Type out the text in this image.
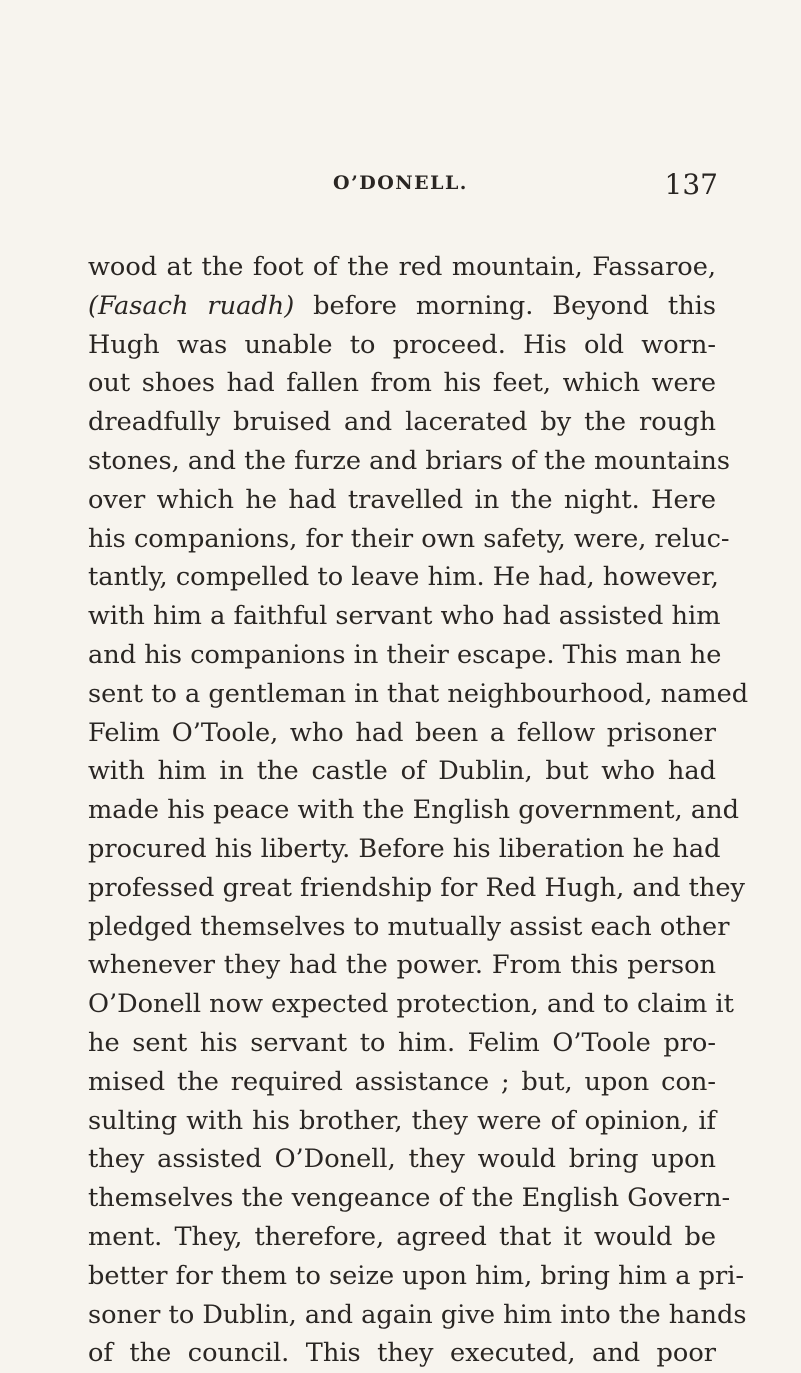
O’DONELL.	137
wood at the foot of the red mountain, Fassaroe,
(Fasach ruadh) before morning. Beyond this
Hugh was unable to proceed. His old worn-
out shoes had fallen from his feet, which were
dreadfully bruised and lacerated by the rough
stones, and the furze and briars of the mountains
over which he had travelled in the night. Here
his companions, for their own safety, were, reluc-
tantly, compelled to leave him. He had, however,
with him a faithful servant who had assisted him
and his companions in their escape. This man he
sent to a gentleman in that neighbourhood, named
Felim O’Toole, who had been a fellow prisoner
with him in the castle of Dublin, but who had
made his peace with the English government, and
procured his liberty. Before his liberation he had
professed great friendship for Red Hugh, and they
pledged themselves to mutually assist each other
whenever they had the power. From this person
O’Donell now expected protection, and to claim it
he sent his servant to him. Felim O’Toole pro-
mised the required assistance ; but, upon con-
sulting with his brother, they were of opinion, if
they assisted O’Donell, they would bring upon
themselves the vengeance of the English Govern-
ment. They, therefore, agreed that it would be
better for them to seize upon him, bring him a pri-
soner to Dublin, and again give him into the hands
of the council. This they executed, and poor
